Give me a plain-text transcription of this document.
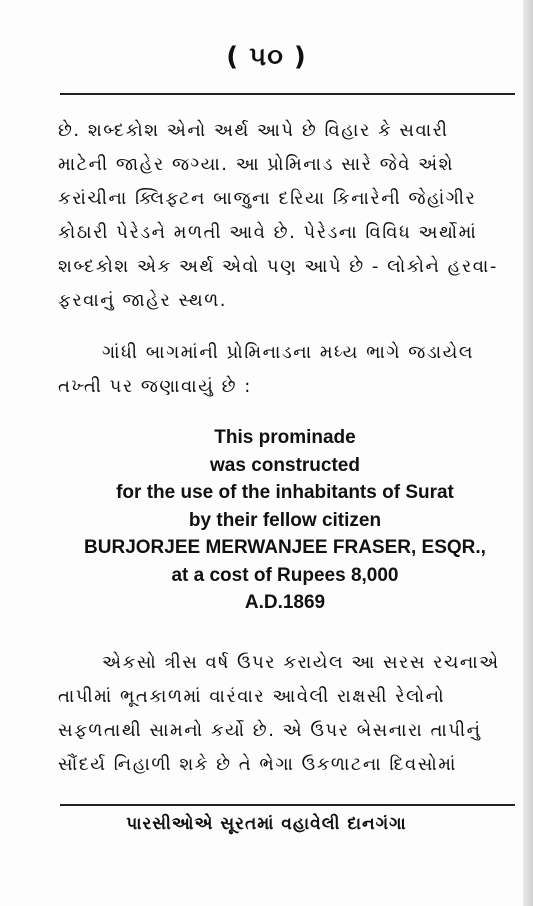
( ૫૦ )

છે. શબ્દકોશ એનો અર્થ આપે છે વિહાર કે સવારી
માટેની જાહેર જગ્યા. આ પ્રોમિનાડ સારે જેવે અંશે
કરાંચીના ક્લિફ્ટન બાજુના દરિયા કિનારેની જેહાંગીર
કોઠારી પેરેડને મળતી આવે છે. પેરેડના વિવિધ અર્થોમાં
શબ્દકોશ એક અર્થ એવો પણ આપે છે - લોકોને હરવા-
ફરવાનું જાહેર સ્થળ.

ગાંધી બાગમાંની પ્રોમિનાડના મધ્ય ભાગે જડાયેલ
તખ્તી પર જણાવાયું છે :

This prominade
was constructed
for the use of the inhabitants of Surat
by their fellow citizen
BURJORJEE MERWANJEE FRASER, ESQR.,
at a cost of Rupees 8,000
A.D.1869

એકસો ત્રીસ વર્ષ ઉપર કરાયેલ આ સરસ રચનાએ
તાપીમાં ભૂતકાળમાં વારંવાર આવેલી રાક્ષસી રેલોનો
સફળતાથી સામનો કર્યો છે. એ ઉપર બેસનારા તાપીનું
સૌંદર્ય નિહાળી શકે છે તે ભેગા ઉકળાટના દિવસોમાં

પારસીઓએ સૂરતમાં વહાવેલી દાનગંગા
